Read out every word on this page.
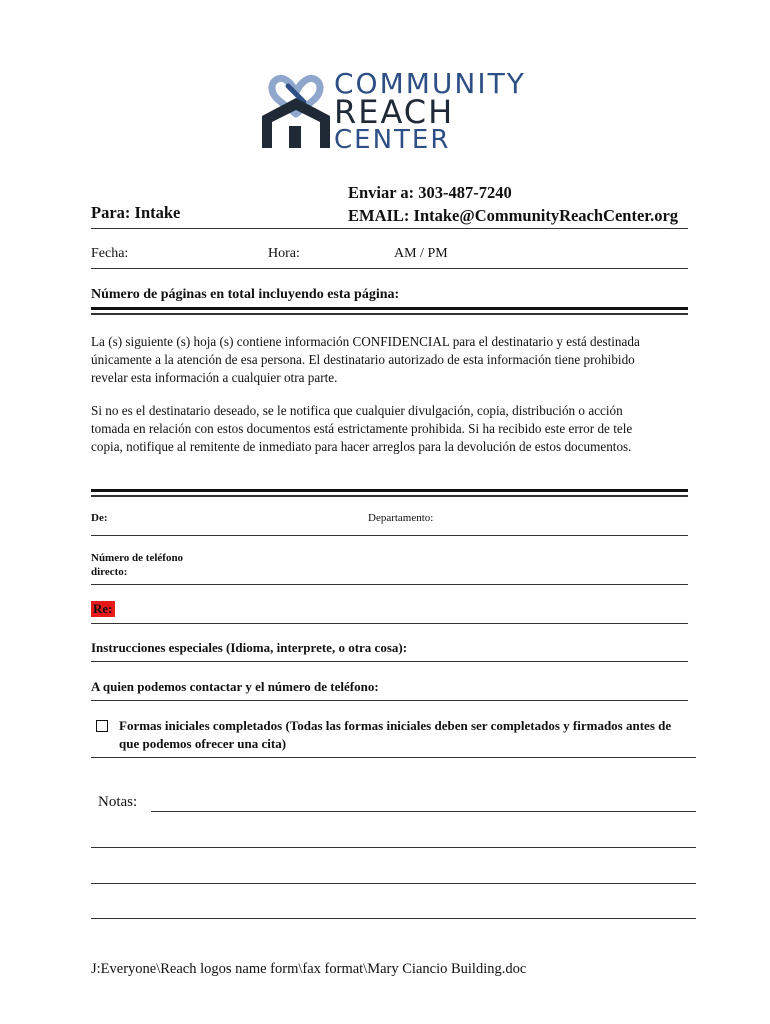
COMMUNITY
REACH
CENTER
Enviar a: 303-487-7240
Para: Intake	EMAIL: Intake@CommunityReachCenter.org
Fecha:	Hora:	AM / PM
Número de páginas en total incluyendo esta página:
La (s) siguiente (s) hoja (s) contiene información CONFIDENCIAL para el destinatario y está destinada
únicamente a la atención de esa persona. El destinatario autorizado de esta información tiene prohibido
revelar esta información a cualquier otra parte.
Si no es el destinatario deseado, se le notifica que cualquier divulgación, copia, distribución o acción
tomada en relación con estos documentos está estrictamente prohibida. Si ha recibido este error de tele
copia, notifique al remitente de inmediato para hacer arreglos para la devolución de estos documentos.
De:	Departamento:
Número de teléfono
directo:
Re:
Instrucciones especiales (Idioma, interprete, o otra cosa):
A quien podemos contactar y el número de teléfono:
Formas iniciales completados (Todas las formas iniciales deben ser completados y firmados antes de
que podemos ofrecer una cita)
Notas:
J:Everyone\Reach logos name form\fax format\Mary Ciancio Building.doc
